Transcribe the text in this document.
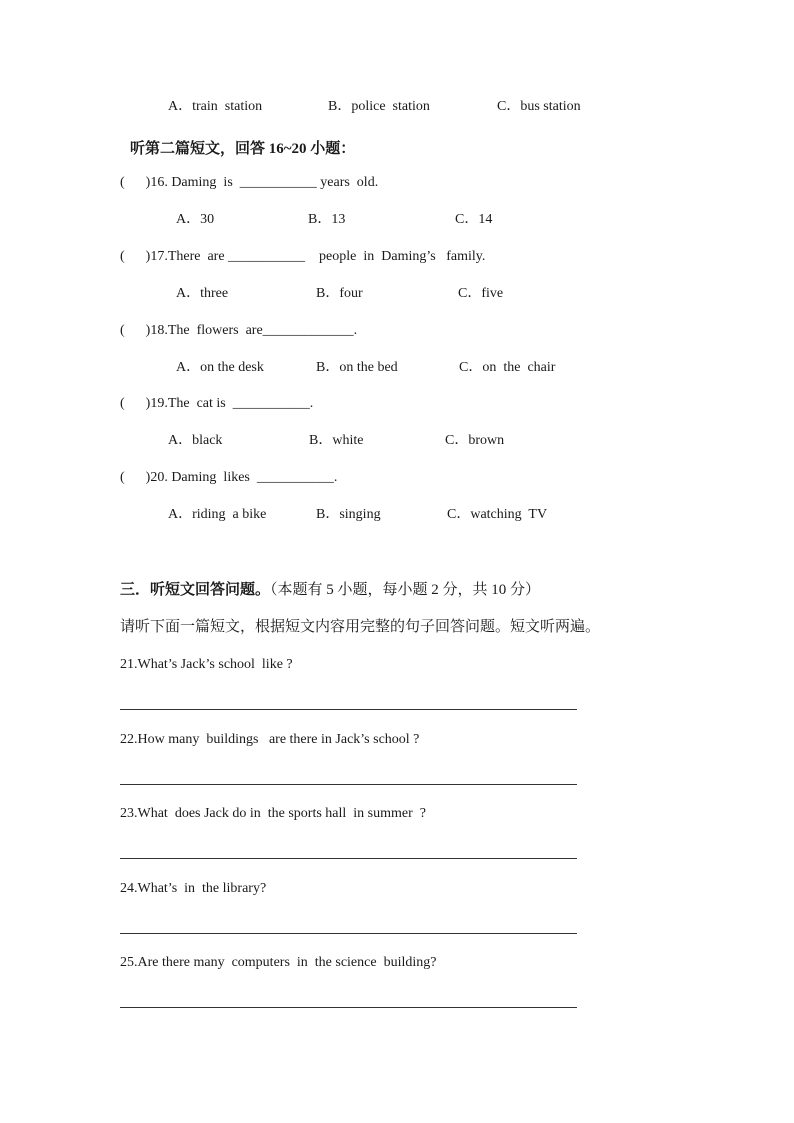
A．train  station	B．police  station	C．bus station
听第二篇短文，回答 16~20 小题：
(      )16. Daming  is  ___________ years  old.
A．30	B．13	C．14
(      )17.There  are ___________    people  in  Daming’s   family.
A．three	B．four	C．five
(      )18.The  flowers  are_____________.
A．on the desk	B．on the bed	C．on  the  chair
(      )19.The  cat is  ___________.
A．black	B．white	C．brown
(      )20. Daming  likes  ___________.
A．riding  a bike	B．singing	C．watching  TV
三．听短文回答问题。（本题有 5 小题，每小题 2 分，共 10 分）
请听下面一篇短文，根据短文内容用完整的句子回答问题。短文听两遍。
21.What’s Jack’s school  like ?
22.How many  buildings   are there in Jack’s school ?
23.What  does Jack do in  the sports hall  in summer  ?
24.What’s  in  the library?
25.Are there many  computers  in  the science  building?
